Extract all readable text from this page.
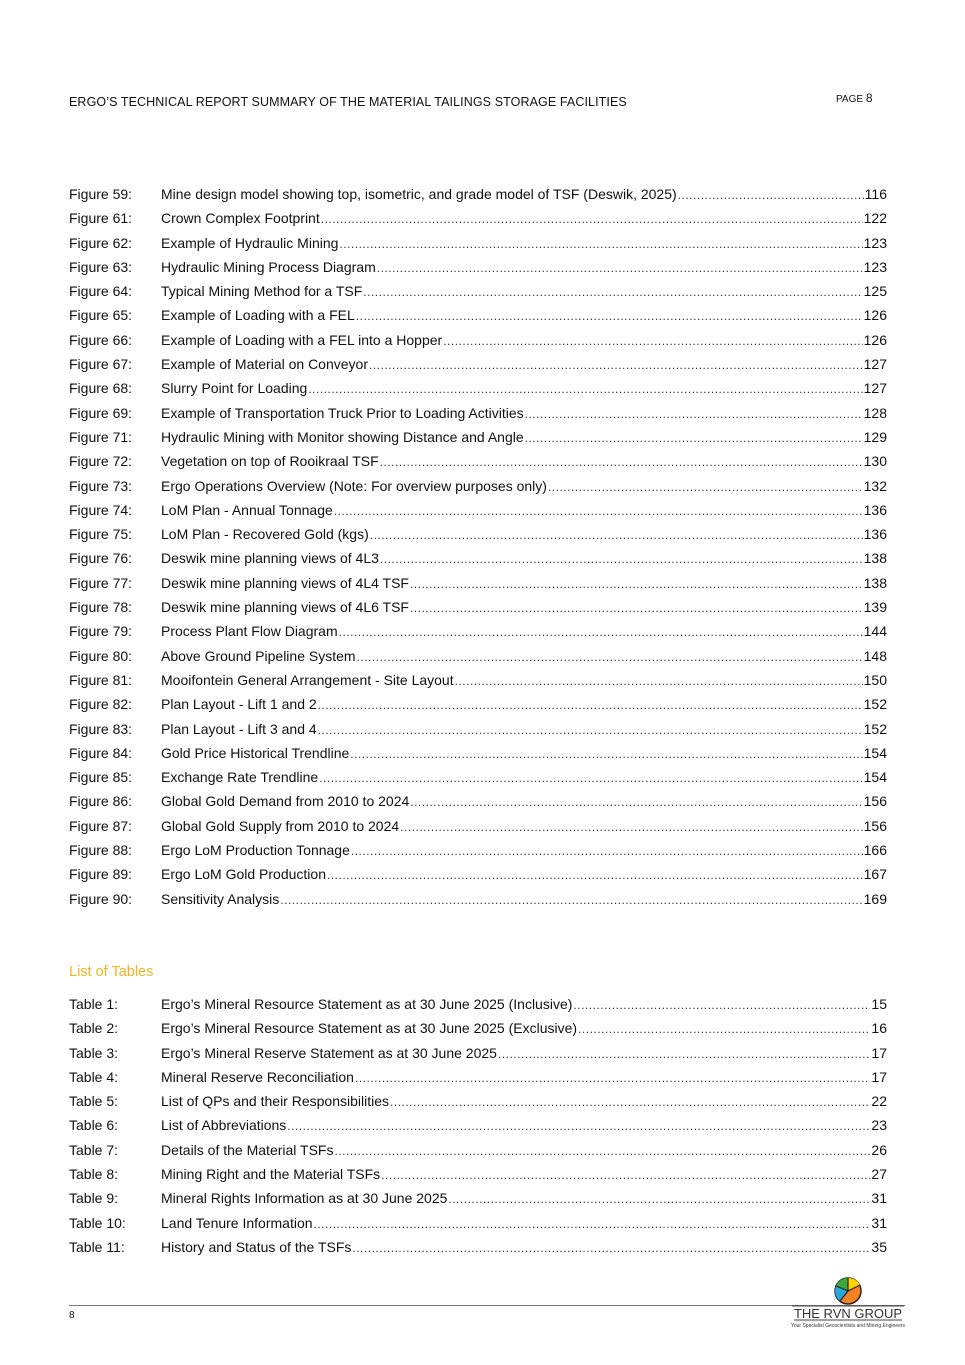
ERGO’S TECHNICAL REPORT SUMMARY OF THE MATERIAL TAILINGS STORAGE FACILITIES	PAGE 8
Figure 59:	Mine design model showing top, isometric, and grade model of TSF (Deswik, 2025) .....	116
Figure 61:	Crown Complex Footprint .....	122
Figure 62:	Example of Hydraulic Mining .....	123
Figure 63:	Hydraulic Mining Process Diagram .....	123
Figure 64:	Typical Mining Method for a TSF .....	125
Figure 65:	Example of Loading with a FEL .....	126
Figure 66:	Example of Loading with a FEL into a Hopper .....	126
Figure 67:	Example of Material on Conveyor .....	127
Figure 68:	Slurry Point for Loading .....	127
Figure 69:	Example of Transportation Truck Prior to Loading Activities .....	128
Figure 71:	Hydraulic Mining with Monitor showing Distance and Angle .....	129
Figure 72:	Vegetation on top of Rooikraal TSF .....	130
Figure 73:	Ergo Operations Overview (Note: For overview purposes only) .....	132
Figure 74:	LoM Plan - Annual Tonnage .....	136
Figure 75:	LoM Plan - Recovered Gold (kgs) .....	136
Figure 76:	Deswik mine planning views of 4L3 .....	138
Figure 77:	Deswik mine planning views of 4L4 TSF .....	138
Figure 78:	Deswik mine planning views of 4L6 TSF .....	139
Figure 79:	Process Plant Flow Diagram .....	144
Figure 80:	Above Ground Pipeline System .....	148
Figure 81:	Mooifontein General Arrangement - Site Layout .....	150
Figure 82:	Plan Layout - Lift 1 and 2 .....	152
Figure 83:	Plan Layout - Lift 3 and 4 .....	152
Figure 84:	Gold Price Historical Trendline .....	154
Figure 85:	Exchange Rate Trendline .....	154
Figure 86:	Global Gold Demand from 2010 to 2024 .....	156
Figure 87:	Global Gold Supply from 2010 to 2024 .....	156
Figure 88:	Ergo LoM Production Tonnage .....	166
Figure 89:	Ergo LoM Gold Production .....	167
Figure 90:	Sensitivity Analysis .....	169
List of Tables
Table 1:	Ergo’s Mineral Resource Statement as at 30 June 2025 (Inclusive) .....	15
Table 2:	Ergo’s Mineral Resource Statement as at 30 June 2025 (Exclusive) .....	16
Table 3:	Ergo’s Mineral Reserve Statement as at 30 June 2025 .....	17
Table 4:	Mineral Reserve Reconciliation .....	17
Table 5:	List of QPs and their Responsibilities .....	22
Table 6:	List of Abbreviations .....	23
Table 7:	Details of the Material TSFs .....	26
Table 8:	Mining Right and the Material TSFs .....	27
Table 9:	Mineral Rights Information as at 30 June 2025 .....	31
Table 10:	Land Tenure Information .....	31
Table 11:	History and Status of the TSFs .....	35
8	THE RVN GROUP
Your Specialist Geoscientists and Mining Engineers
